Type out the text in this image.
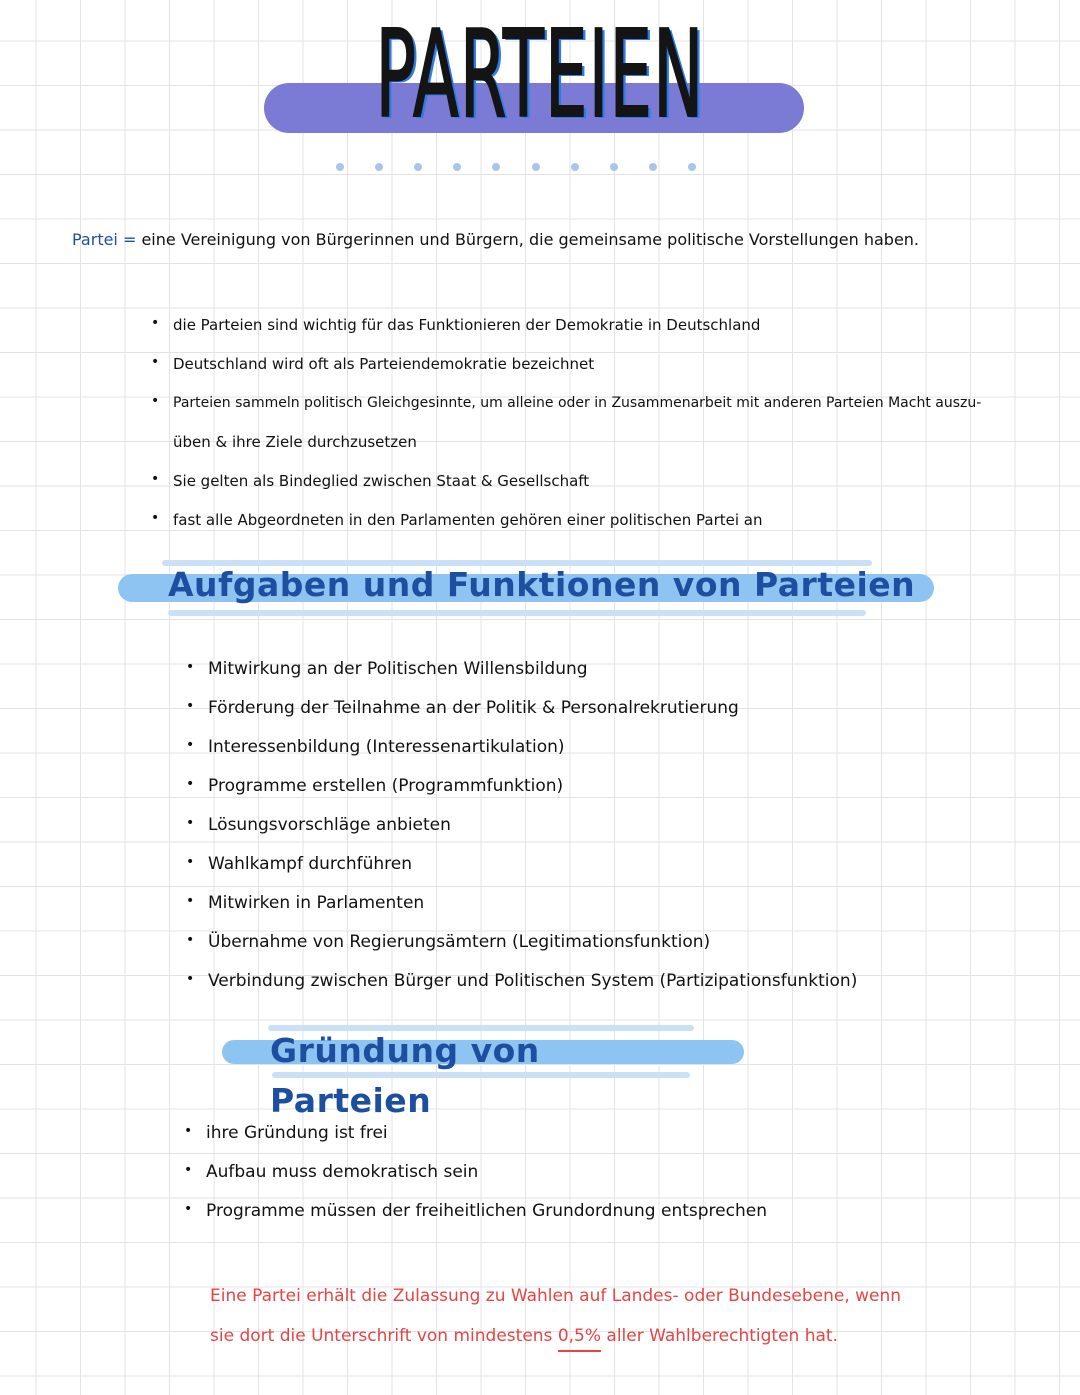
PARTEIEN
Partei = eine Vereinigung von Bürgerinnen und Bürgern, die gemeinsame politische Vorstellungen haben.
• die Parteien sind wichtig für das Funktionieren der Demokratie in Deutschland
• Deutschland wird oft als Parteiendemokratie bezeichnet
• Parteien sammeln politisch Gleichgesinnte, um alleine oder in Zusammenarbeit mit anderen Parteien Macht auszu-
üben & ihre Ziele durchzusetzen
• Sie gelten als Bindeglied zwischen Staat & Gesellschaft
• fast alle Abgeordneten in den Parlamenten gehören einer politischen Partei an
Aufgaben und Funktionen von Parteien
• Mitwirkung an der Politischen Willensbildung
• Förderung der Teilnahme an der Politik & Personalrekrutierung
• Interessenbildung (Interessenartikulation)
• Programme erstellen (Programmfunktion)
• Lösungsvorschläge anbieten
• Wahlkampf durchführen
• Mitwirken in Parlamenten
• Übernahme von Regierungsämtern (Legitimationsfunktion)
• Verbindung zwischen Bürger und Politischen System (Partizipationsfunktion)
Gründung von Parteien
• ihre Gründung ist frei
• Aufbau muss demokratisch sein
• Programme müssen der freiheitlichen Grundordnung entsprechen
Eine Partei erhält die Zulassung zu Wahlen auf Landes- oder Bundesebene, wenn
sie dort die Unterschrift von mindestens 0,5% aller Wahlberechtigten hat.
